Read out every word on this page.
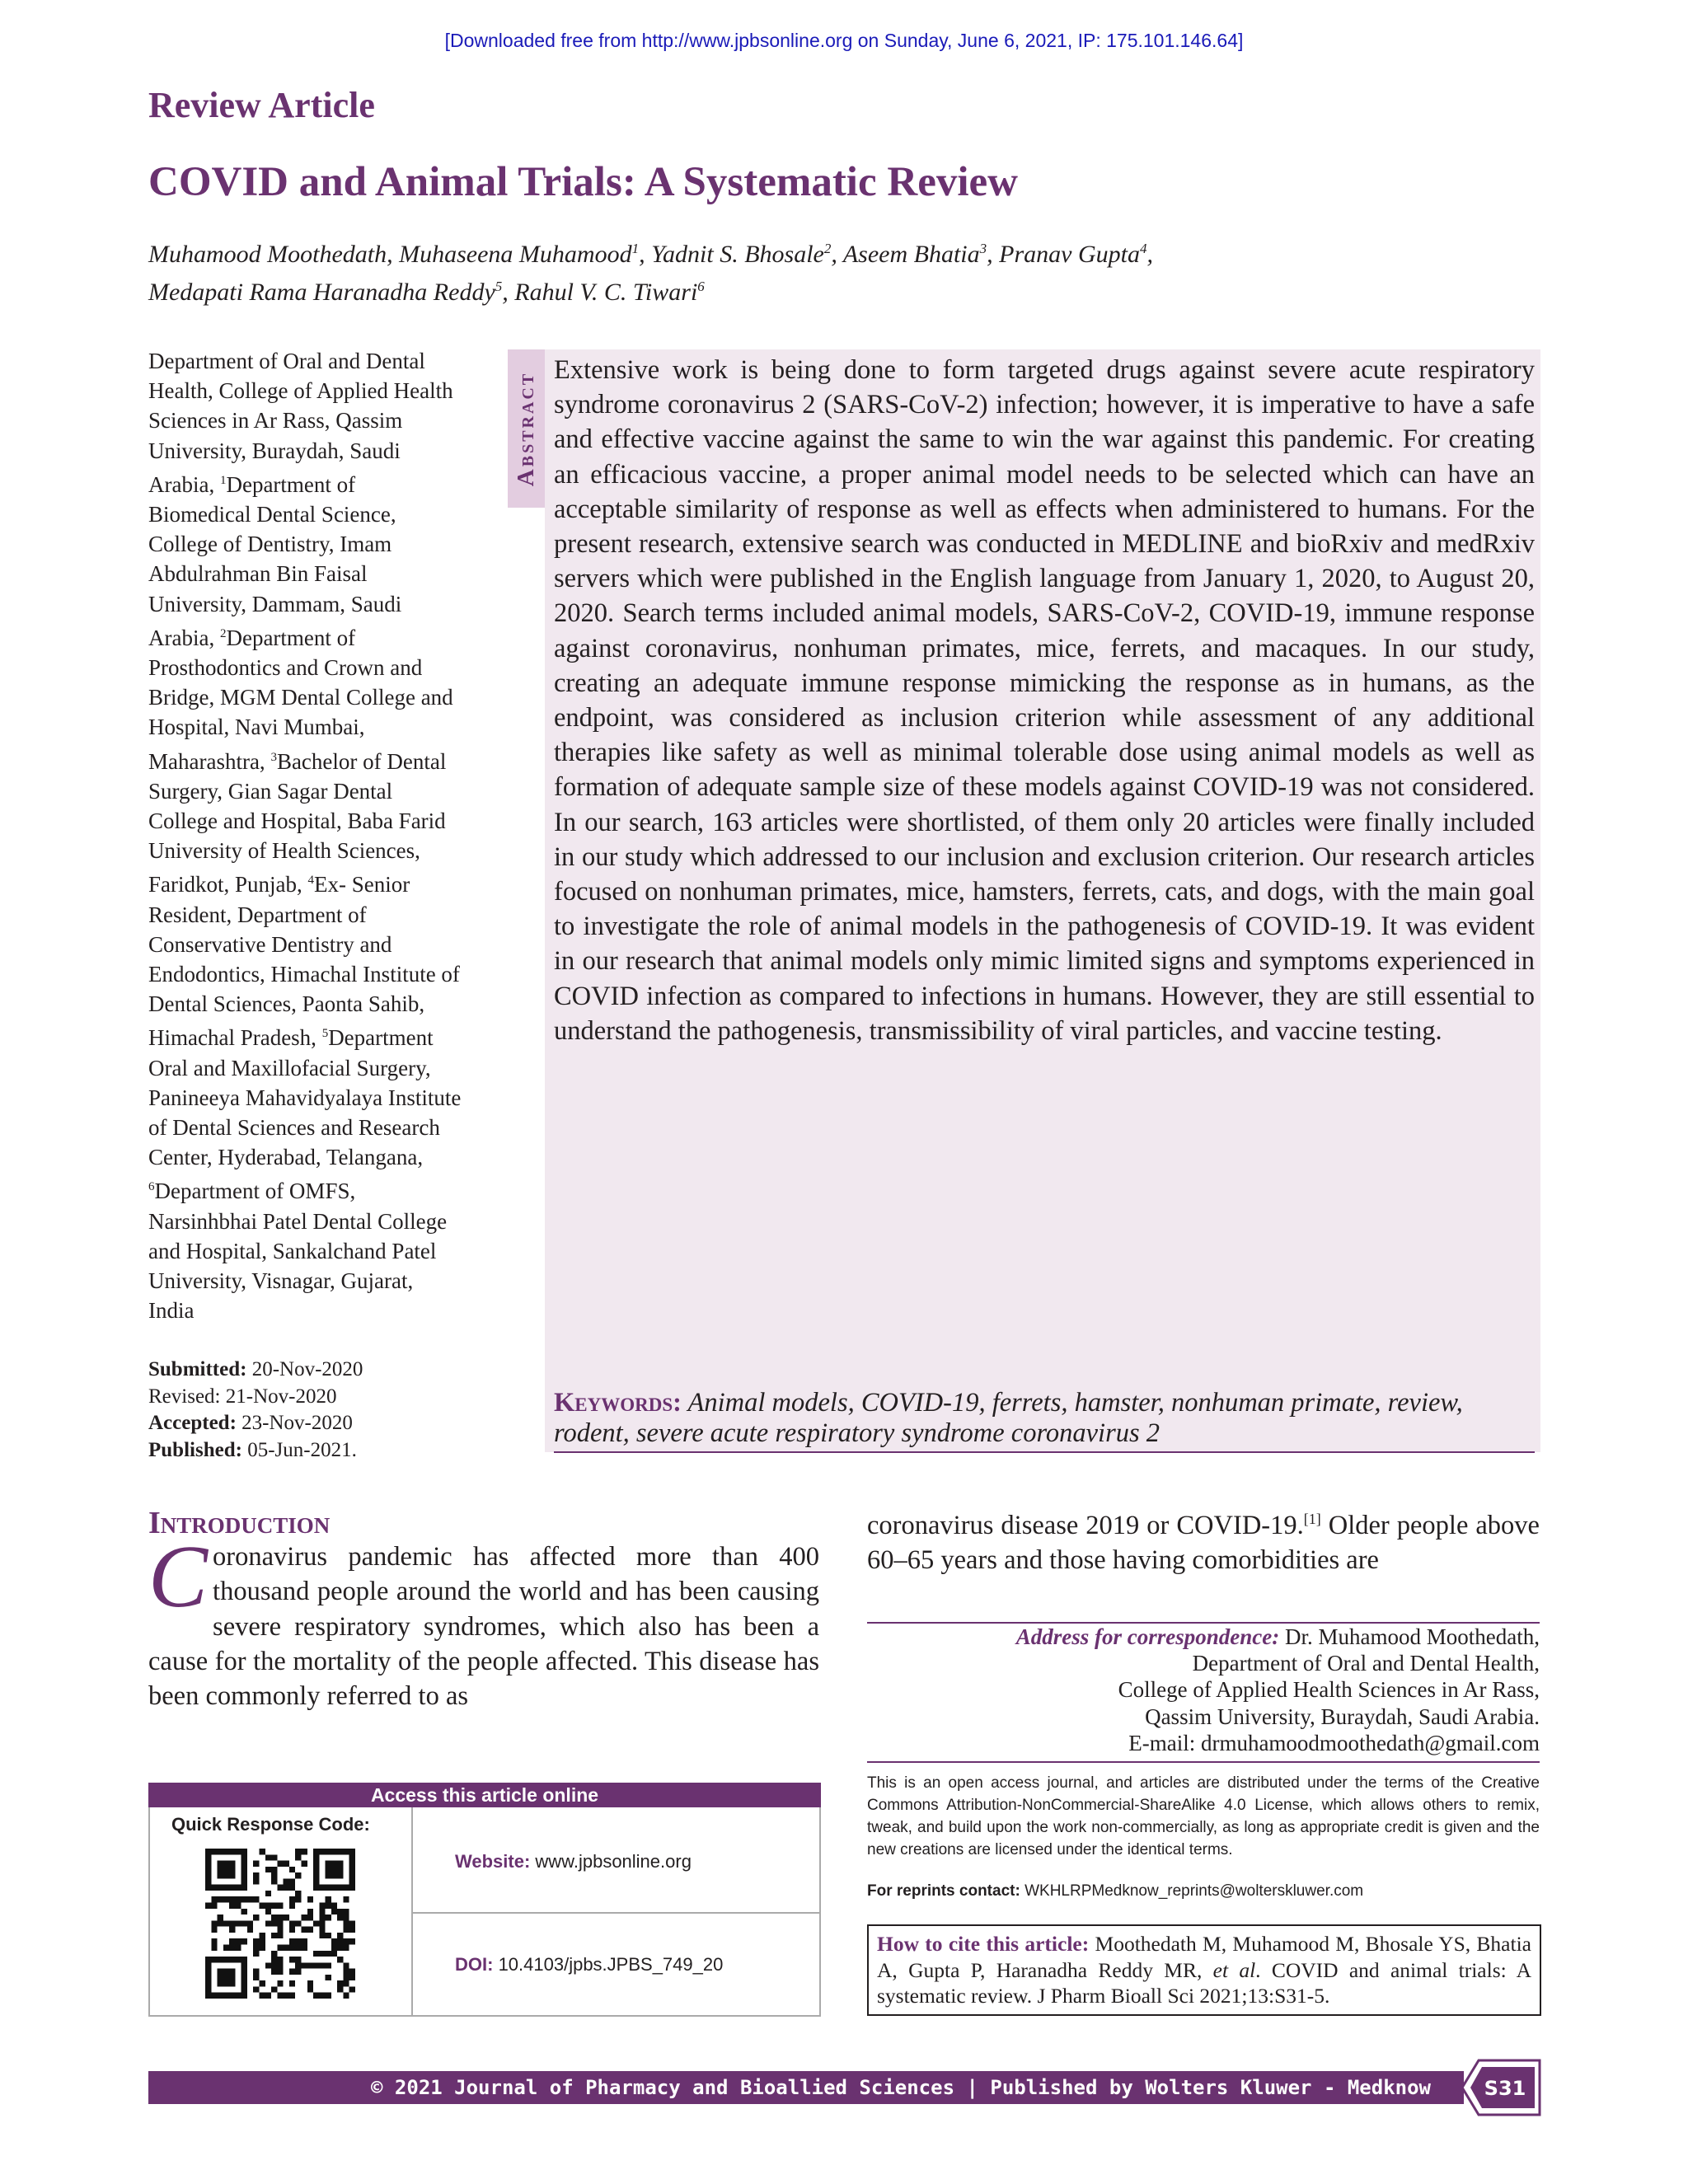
[Downloaded free from http://www.jpbsonline.org on Sunday, June 6, 2021, IP: 175.101.146.64]
Review Article
COVID and Animal Trials: A Systematic Review
Muhamood Moothedath, Muhaseena Muhamood$^1$, Yadnit S. Bhosale$^2$, Aseem Bhatia$^3$, Pranav Gupta$^4$,
Medapati Rama Haranadha Reddy$^5$, Rahul V. C. Tiwari$^6$
Department of Oral and Dental Health, College of Applied Health Sciences in Ar Rass, Qassim University, Buraydah, Saudi Arabia, $^1$Department of Biomedical Dental Science, College of Dentistry, Imam Abdulrahman Bin Faisal University, Dammam, Saudi Arabia, $^2$Department of Prosthodontics and Crown and Bridge, MGM Dental College and Hospital, Navi Mumbai, Maharashtra, $^3$Bachelor of Dental Surgery, Gian Sagar Dental College and Hospital, Baba Farid University of Health Sciences, Faridkot, Punjab, $^4$Ex- Senior Resident, Department of Conservative Dentistry and Endodontics, Himachal Institute of Dental Sciences, Paonta Sahib, Himachal Pradesh, $^5$Department Oral and Maxillofacial Surgery, Panineeya Mahavidyalaya Institute of Dental Sciences and Research Center, Hyderabad, Telangana, $^6$Department of OMFS, Narsinhbhai Patel Dental College and Hospital, Sankalchand Patel University, Visnagar, Gujarat, India
Submitted: 20-Nov-2020
Revised: 21-Nov-2020
Accepted: 23-Nov-2020
Published: 05-Jun-2021.
Abstract
Extensive work is being done to form targeted drugs against severe acute respiratory syndrome coronavirus 2 (SARS-CoV-2) infection; however, it is imperative to have a safe and effective vaccine against the same to win the war against this pandemic. For creating an efficacious vaccine, a proper animal model needs to be selected which can have an acceptable similarity of response as well as effects when administered to humans. For the present research, extensive search was conducted in MEDLINE and bioRxiv and medRxiv servers which were published in the English language from January 1, 2020, to August 20, 2020. Search terms included animal models, SARS-CoV-2, COVID-19, immune response against coronavirus, nonhuman primates, mice, ferrets, and macaques. In our study, creating an adequate immune response mimicking the response as in humans, as the endpoint, was considered as inclusion criterion while assessment of any additional therapies like safety as well as minimal tolerable dose using animal models as well as formation of adequate sample size of these models against COVID-19 was not considered. In our search, 163 articles were shortlisted, of them only 20 articles were finally included in our study which addressed to our inclusion and exclusion criterion. Our research articles focused on nonhuman primates, mice, hamsters, ferrets, cats, and dogs, with the main goal to investigate the role of animal models in the pathogenesis of COVID-19. It was evident in our research that animal models only mimic limited signs and symptoms experienced in COVID infection as compared to infections in humans. However, they are still essential to understand the pathogenesis, transmissibility of viral particles, and vaccine testing.
Keywords: Animal models, COVID-19, ferrets, hamster, nonhuman primate, review, rodent, severe acute respiratory syndrome coronavirus 2
Introduction
Coronavirus pandemic has affected more than 400 thousand people around the world and has been causing severe respiratory syndromes, which also has been a cause for the mortality of the people affected. This disease has been commonly referred to as
coronavirus disease 2019 or COVID-19.[1] Older people above 60–65 years and those having comorbidities are
Address for correspondence: Dr. Muhamood Moothedath,
Department of Oral and Dental Health,
College of Applied Health Sciences in Ar Rass,
Qassim University, Buraydah, Saudi Arabia.
E-mail: drmuhamoodmoothedath@gmail.com
This is an open access journal, and articles are distributed under the terms of the Creative Commons Attribution-NonCommercial-ShareAlike 4.0 License, which allows others to remix, tweak, and build upon the work non-commercially, as long as appropriate credit is given and the new creations are licensed under the identical terms.
For reprints contact: WKHLRPMedknow_reprints@wolterskluwer.com
How to cite this article: Moothedath M, Muhamood M, Bhosale YS, Bhatia A, Gupta P, Haranadha Reddy MR, et al. COVID and animal trials: A systematic review. J Pharm Bioall Sci 2021;13:S31-5.
Access this article online
Quick Response Code:
Website: www.jpbsonline.org
DOI: 10.4103/jpbs.JPBS_749_20
© 2021 Journal of Pharmacy and Bioallied Sciences | Published by Wolters Kluwer - Medknow	S31
